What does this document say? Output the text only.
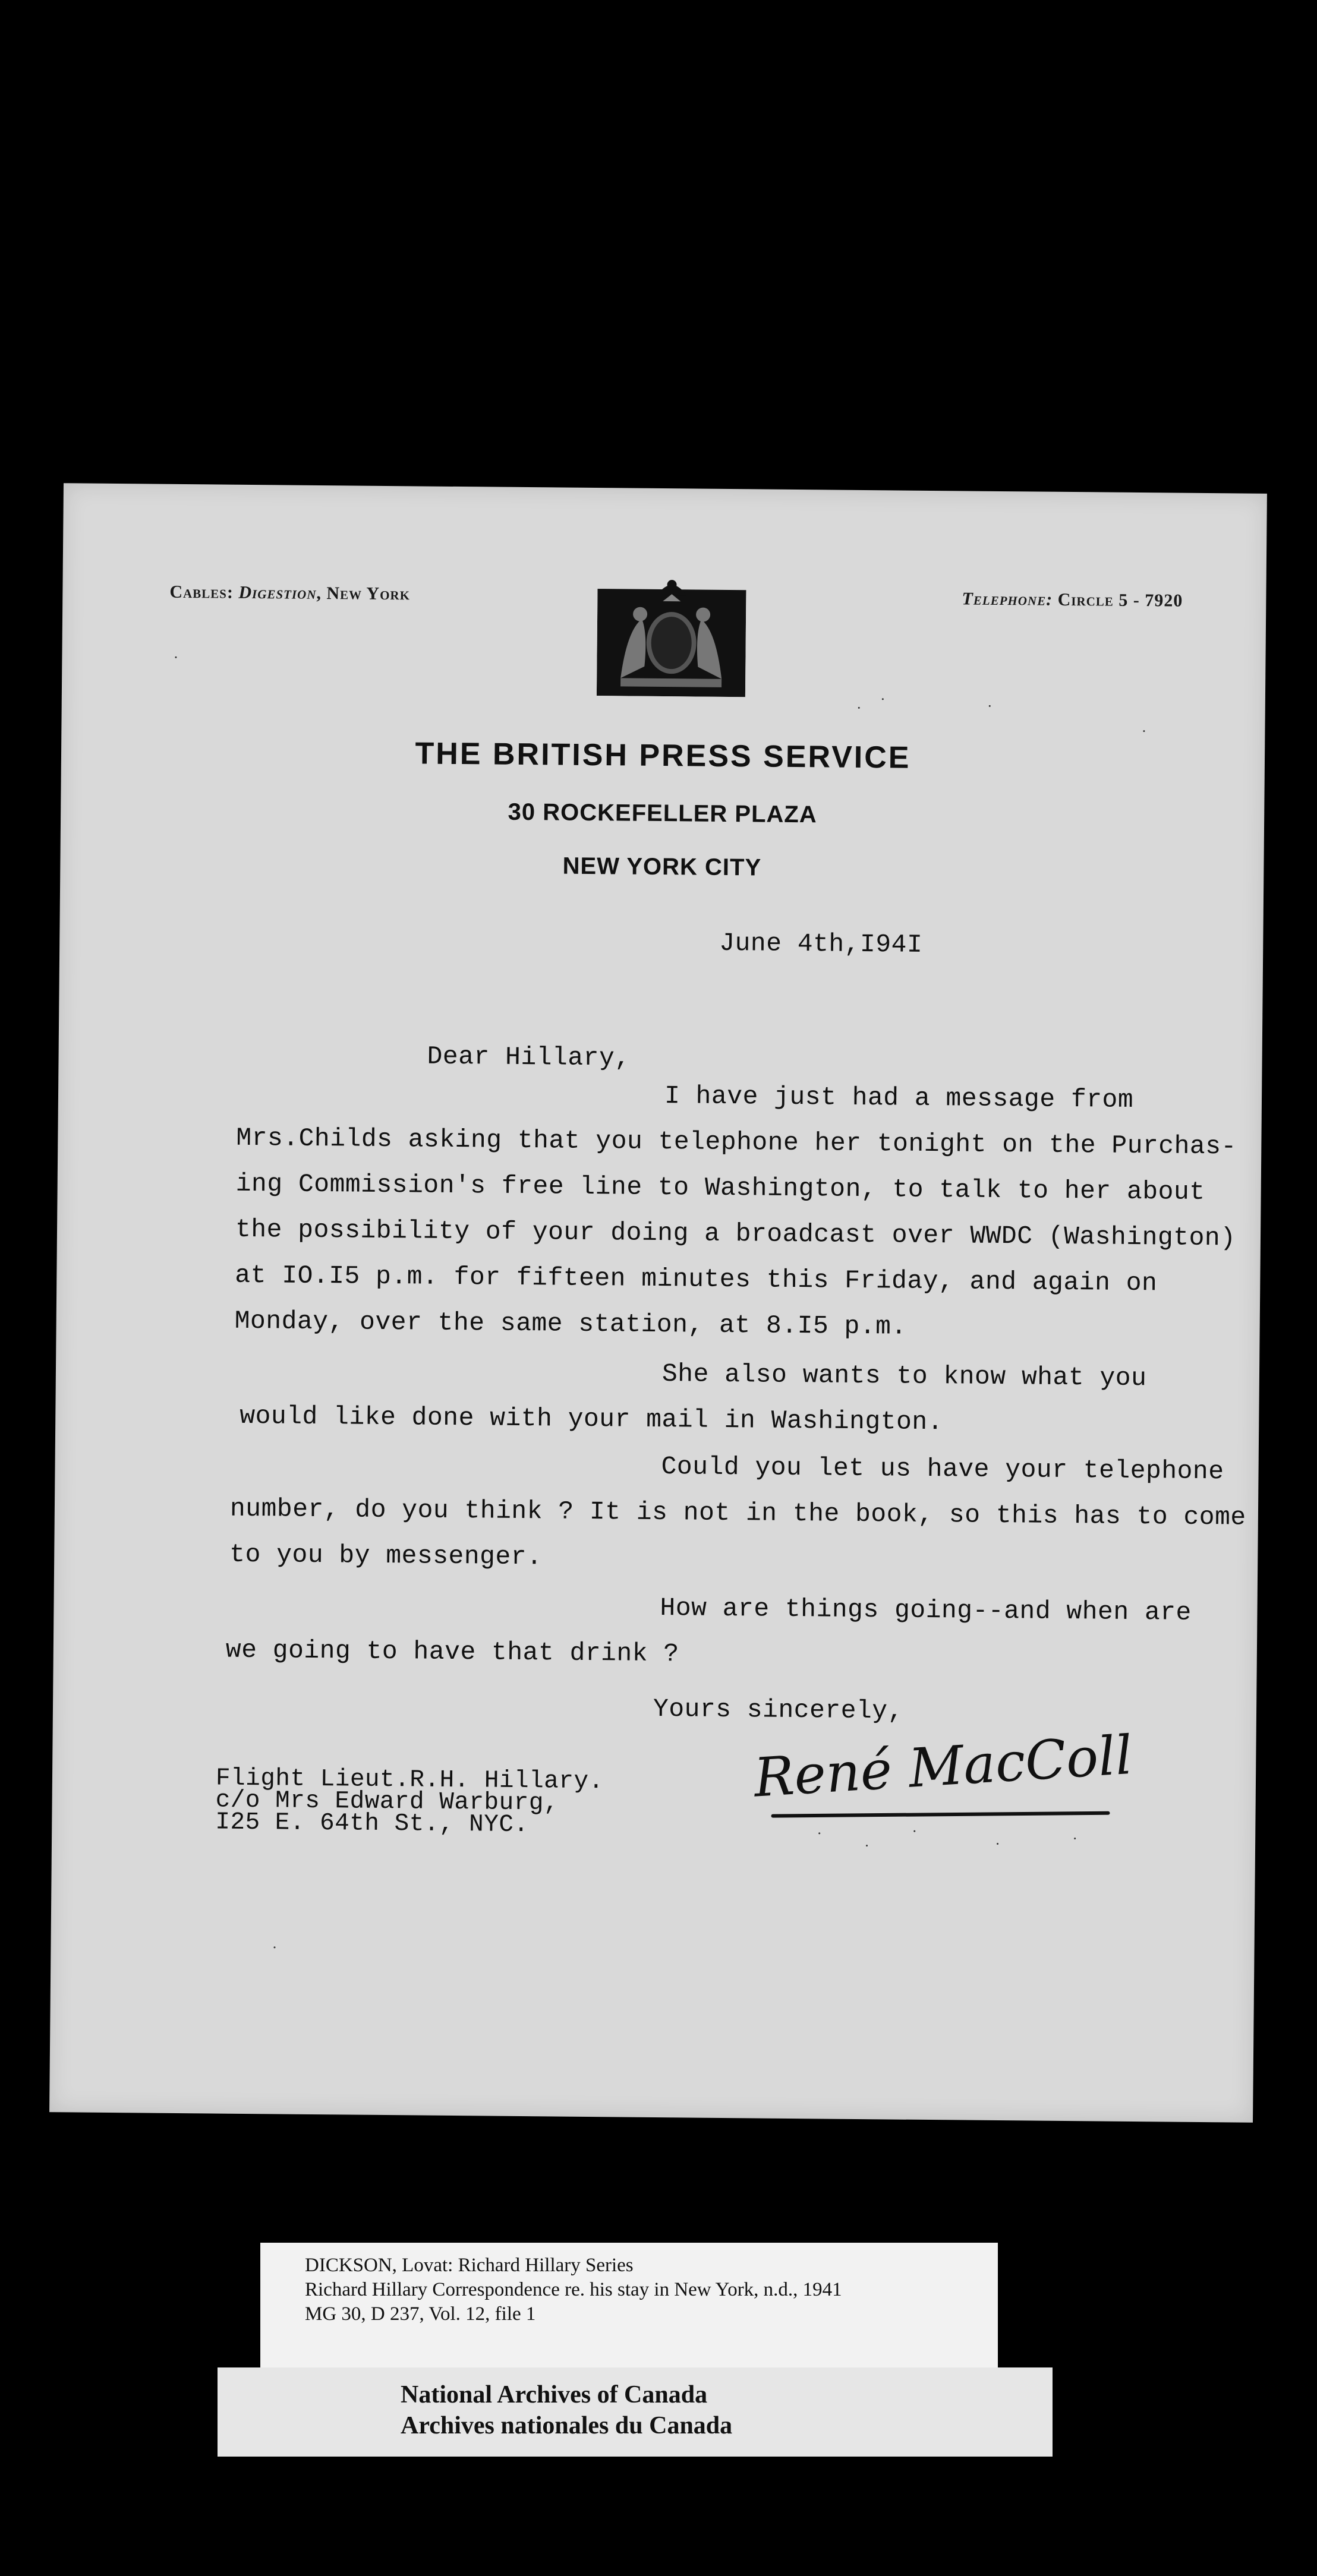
Cables: Digestion, New York	Telephone: Circle 5 - 7920
THE BRITISH PRESS SERVICE
30 ROCKEFELLER PLAZA
NEW YORK CITY
June 4th,I94I
Dear Hillary,
I have just had a message from
Mrs.Childs asking that you telephone her tonight on the Purchas-
ing Commission's free line to Washington, to talk to her about
the possibility of your doing a broadcast over WWDC (Washington)
at IO.I5 p.m. for fifteen minutes this Friday, and again on
Monday, over the same station, at 8.I5 p.m.
She also wants to know what you
would like done with your mail in Washington.
Could you let us have your telephone
number, do you think ? It is not in the book, so this has to come
to you by messenger.
How are things going--and when are
we going to have that drink ?
Yours sincerely,
René MacColl
Flight Lieut.R.H. Hillary.
c/o Mrs Edward Warburg,
I25 E. 64th St., NYC.
DICKSON, Lovat: Richard Hillary Series
Richard Hillary Correspondence re. his stay in New York, n.d., 1941
MG 30, D 237, Vol. 12, file 1
National Archives of Canada
Archives nationales du Canada
